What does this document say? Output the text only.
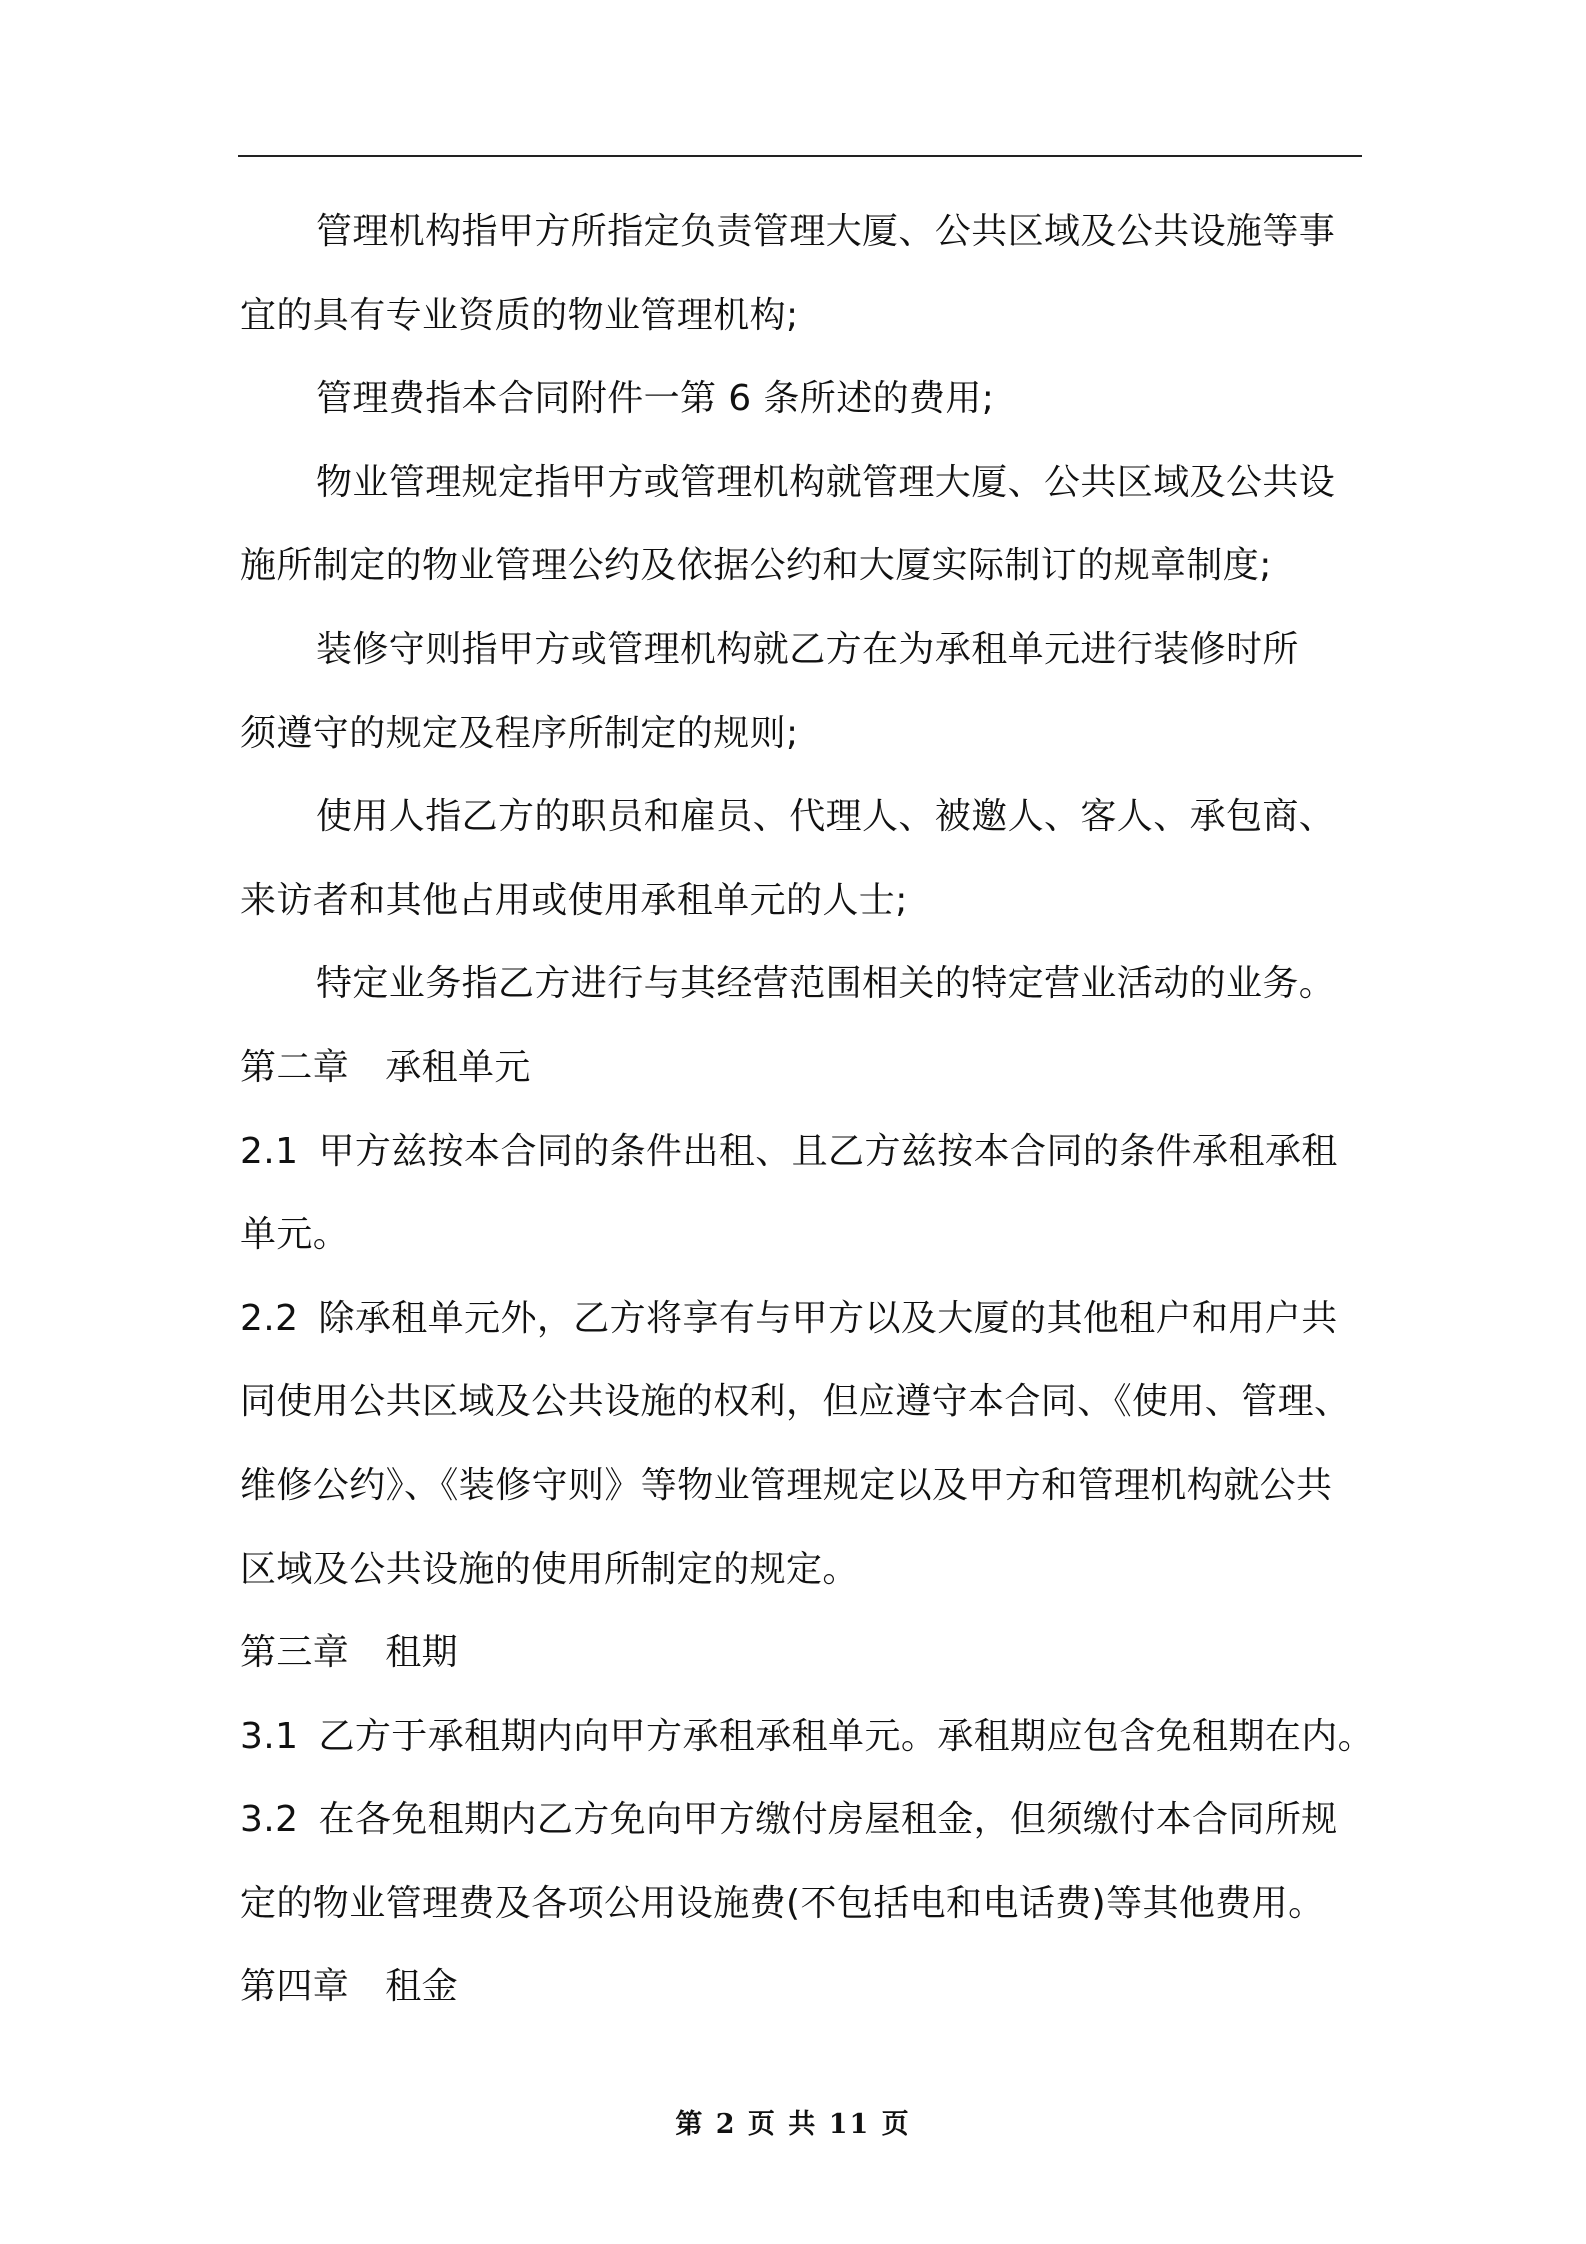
管理机构指甲方所指定负责管理大厦、公共区域及公共设施等事
宜的具有专业资质的物业管理机构;
管理费指本合同附件一第 6 条所述的费用;
物业管理规定指甲方或管理机构就管理大厦、公共区域及公共设
施所制定的物业管理公约及依据公约和大厦实际制订的规章制度;
装修守则指甲方或管理机构就乙方在为承租单元进行装修时所
须遵守的规定及程序所制定的规则;
使用人指乙方的职员和雇员、代理人、被邀人、客人、承包商、
来访者和其他占用或使用承租单元的人士;
特定业务指乙方进行与其经营范围相关的特定营业活动的业务。
第二章 承租单元
2.1 甲方兹按本合同的条件出租、且乙方兹按本合同的条件承租承租
单元。
2.2 除承租单元外，乙方将享有与甲方以及大厦的其他租户和用户共
同使用公共区域及公共设施的权利，但应遵守本合同、《使用、管理、
维修公约》、《装修守则》等物业管理规定以及甲方和管理机构就公共
区域及公共设施的使用所制定的规定。
第三章 租期
3.1 乙方于承租期内向甲方承租承租单元。承租期应包含免租期在内。
3.2 在各免租期内乙方免向甲方缴付房屋租金，但须缴付本合同所规
定的物业管理费及各项公用设施费(不包括电和电话费)等其他费用。
第四章 租金
第 2 页 共 11 页
